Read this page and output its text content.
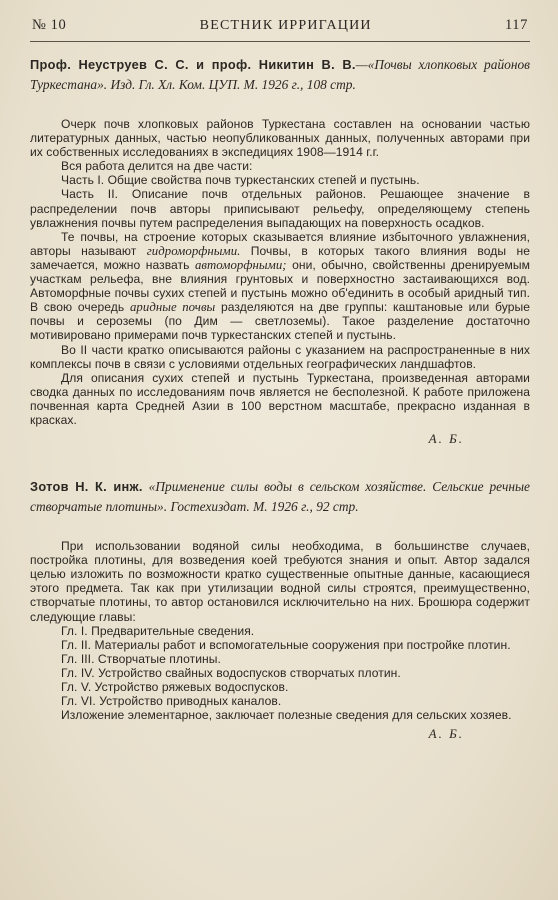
№ 10	ВЕСТНИК ИРРИГАЦИИ	117
Проф. Неуструев С. С. и проф. Никитин В. В.—«Почвы хлопковых районов Туркестана». Изд. Гл. Хл. Ком. ЦУП. М. 1926 г., 108 стр.

Очерк почв хлопковых районов Туркестана составлен на основании частью литературных данных, частью неопубликованных данных, полученных авторами при их собственных исследованиях в экспедициях 1908—1914 г.г.

Вся работа делится на две части:

Часть I. Общие свойства почв туркестанских степей и пустынь.

Часть II. Описание почв отдельных районов. Решающее значение в распределении почв авторы приписывают рельефу, определяющему степень увлажнения почвы путем распределения выпадающих на поверхность осадков.

Те почвы, на строение которых сказывается влияние избыточного увлажнения, авторы называют гидроморфными. Почвы, в которых такого влияния воды не замечается, можно назвать автоморфными; они, обычно, свойственны дренируемым участкам рельефа, вне влияния грунтовых и поверхностно застаивающихся вод. Автоморфные почвы сухих степей и пустынь можно об'единить в особый аридный тип. В свою очередь аридные почвы разделяются на две группы: каштановые или бурые почвы и сероземы (по Дим — светлоземы). Такое разделение достаточно мотивировано примерами почв туркестанских степей и пустынь.

Во II части кратко описываются районы с указанием на распространенные в них комплексы почв в связи с условиями отдельных географических ландшафтов.

Для описания сухих степей и пустынь Туркестана, произведенная авторами сводка данных по исследованиям почв является не бесполезной. К работе приложена почвенная карта Средней Азии в 100 верстном масштабе, прекрасно изданная в красках.

А. Б.
Зотов Н. К. инж. «Применение силы воды в сельском хозяйстве. Сельские речные створчатые плотины». Гостехиздат. М. 1926 г., 92 стр.

При использовании водяной силы необходима, в большинстве случаев, постройка плотины, для возведения коей требуются знания и опыт. Автор задался целью изложить по возможности кратко существенные опытные данные, касающиеся этого предмета. Так как при утилизации водной силы строятся, преимущественно, створчатые плотины, то автор остановился исключительно на них. Брошюра содержит следующие главы:

Гл. I. Предварительные сведения.
Гл. II. Материалы работ и вспомогательные сооружения при постройке плотин.
Гл. III. Створчатые плотины.
Гл. IV. Устройство свайных водоспусков створчатых плотин.
Гл. V. Устройство ряжевых водоспусков.
Гл. VI. Устройство приводных каналов.

Изложение элементарное, заключает полезные сведения для сельских хозяев.

А. Б.
